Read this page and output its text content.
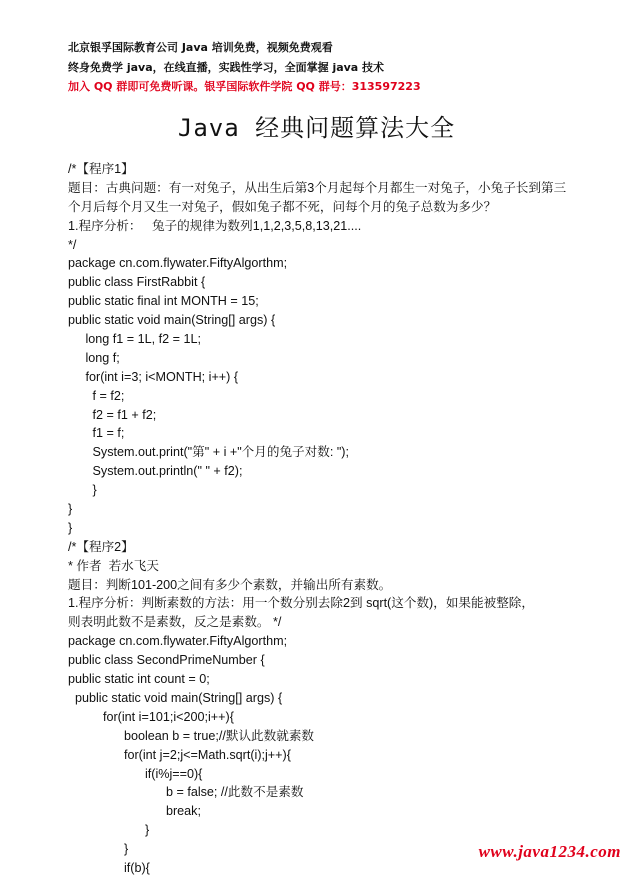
北京银孚国际教育公司 Java 培训免费，视频免费观看
终身免费学 java，在线直播，实践性学习，全面掌握 java 技术
加入 QQ 群即可免费听课。银孚国际软件学院 QQ 群号：313597223
Java 经典问题算法大全
/*【程序1】
题目：古典问题：有一对兔子，从出生后第3个月起每个月都生一对兔子，小兔子长到第三
个月后每个月又生一对兔子，假如兔子都不死，问每个月的兔子总数为多少？
1.程序分析：   兔子的规律为数列1,1,2,3,5,8,13,21....
*/
package cn.com.flywater.FiftyAlgorthm;
public class FirstRabbit {
public static final int MONTH = 15;
public static void main(String[] args) {
long f1 = 1L, f2 = 1L;
long f;
for(int i=3; i<MONTH; i++) {
f = f2;
f2 = f1 + f2;
f1 = f;
System.out.print("第" + i +"个月的兔子对数: ");
System.out.println(" " + f2);
}
}
}
/*【程序2】
* 作者  若水飞天
题目：判断101-200之间有多少个素数，并输出所有素数。
1.程序分析：判断素数的方法：用一个数分别去除2到 sqrt(这个数)，如果能被整除，
则表明此数不是素数，反之是素数。 */
package cn.com.flywater.FiftyAlgorthm;
public class SecondPrimeNumber {
public static int count = 0;
public static void main(String[] args) {
for(int i=101;i<200;i++){
boolean b = true;//默认此数就素数
for(int j=2;j<=Math.sqrt(i);j++){
if(i%j==0){
b = false; //此数不是素数
break;
}
}
if(b){
www.java1234.com
